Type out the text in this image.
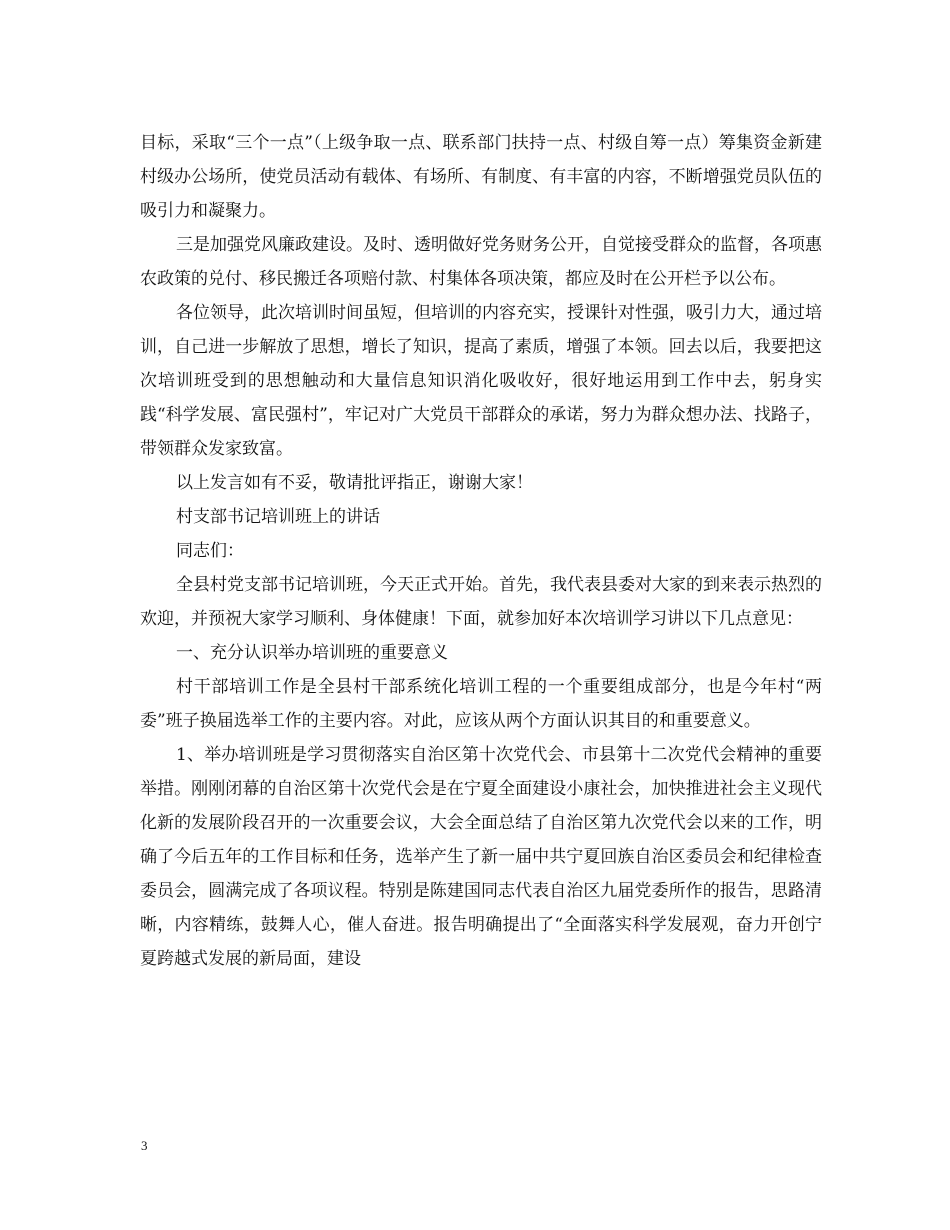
目标，采取“三个一点”（上级争取一点、联系部门扶持一点、村级自筹一点）筹集资金新建村级办公场所，使党员活动有载体、有场所、有制度、有丰富的内容，不断增强党员队伍的吸引力和凝聚力。

三是加强党风廉政建设。及时、透明做好党务财务公开，自觉接受群众的监督，各项惠农政策的兑付、移民搬迁各项赔付款、村集体各项决策，都应及时在公开栏予以公布。

各位领导，此次培训时间虽短，但培训的内容充实，授课针对性强，吸引力大，通过培训，自己进一步解放了思想，增长了知识，提高了素质，增强了本领。回去以后，我要把这次培训班受到的思想触动和大量信息知识消化吸收好，很好地运用到工作中去，躬身实践“科学发展、富民强村”，牢记对广大党员干部群众的承诺，努力为群众想办法、找路子，带领群众发家致富。

以上发言如有不妥，敬请批评指正，谢谢大家！

村支部书记培训班上的讲话

同志们：

全县村党支部书记培训班，今天正式开始。首先，我代表县委对大家的到来表示热烈的欢迎，并预祝大家学习顺利、身体健康！下面，就参加好本次培训学习讲以下几点意见：

一、充分认识举办培训班的重要意义

村干部培训工作是全县村干部系统化培训工程的一个重要组成部分，也是今年村“两委”班子换届选举工作的主要内容。对此，应该从两个方面认识其目的和重要意义。

1、举办培训班是学习贯彻落实自治区第十次党代会、市县第十二次党代会精神的重要举措。刚刚闭幕的自治区第十次党代会是在宁夏全面建设小康社会，加快推进社会主义现代化新的发展阶段召开的一次重要会议，大会全面总结了自治区第九次党代会以来的工作，明确了今后五年的工作目标和任务，选举产生了新一届中共宁夏回族自治区委员会和纪律检查委员会，圆满完成了各项议程。特别是陈建国同志代表自治区九届党委所作的报告，思路清晰，内容精练，鼓舞人心，催人奋进。报告明确提出了“全面落实科学发展观，奋力开创宁夏跨越式发展的新局面，建设

3
